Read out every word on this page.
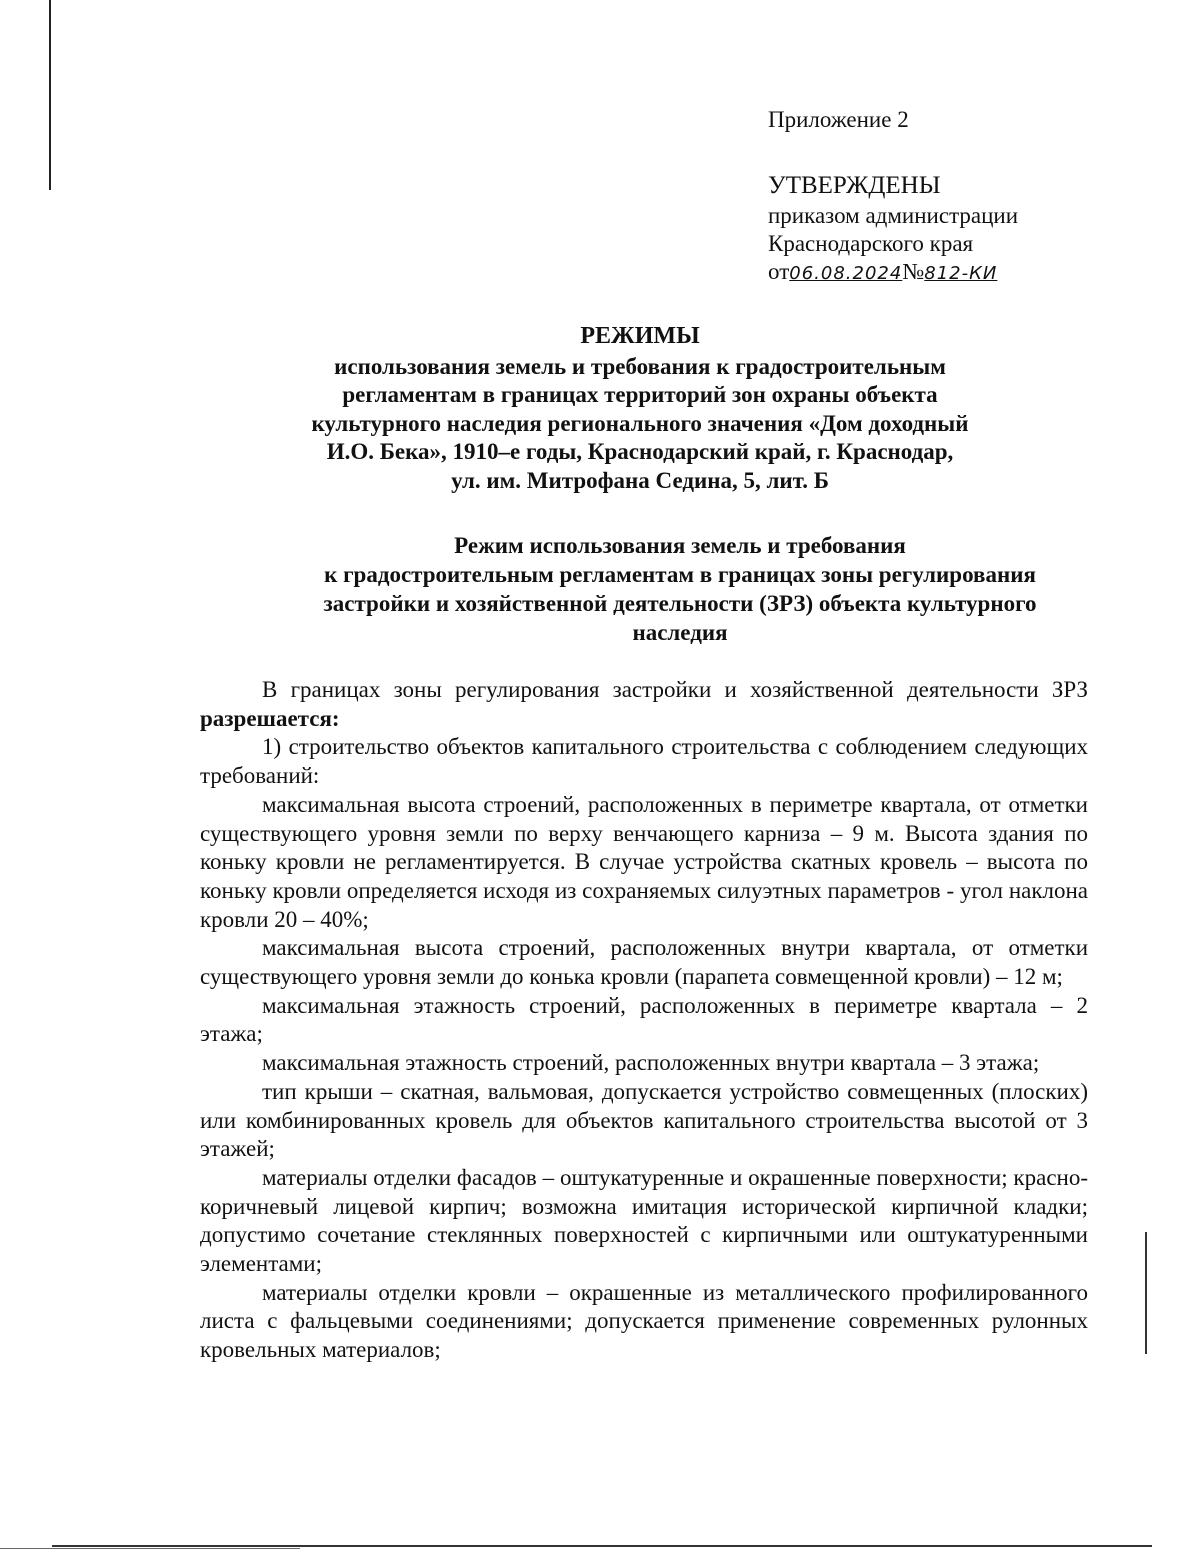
Приложение 2
УТВЕРЖДЕНЫ
приказом администрации
Краснодарского края
от06.08.2024№812-КИ
РЕЖИМЫ
использования земель и требования к градостроительным
регламентам в границах территорий зон охраны объекта
культурного наследия регионального значения «Дом доходный
И.О. Бека», 1910–е годы, Краснодарский край, г. Краснодар,
ул. им. Митрофана Седина, 5, лит. Б
Режим использования земель и требования
к градостроительным регламентам в границах зоны регулирования
застройки и хозяйственной деятельности (ЗРЗ) объекта культурного
наследия

В границах зоны регулирования застройки и хозяйственной деятельности ЗРЗ разрешается:

1) строительство объектов капитального строительства с соблюдением следующих требований:

максимальная высота строений, расположенных в периметре квартала, от отметки существующего уровня земли по верху венчающего карниза – 9 м. Высота здания по коньку кровли не регламентируется. В случае устройства скатных кровель – высота по коньку кровли определяется исходя из сохраняемых силуэтных параметров - угол наклона кровли 20 – 40%;

максимальная высота строений, расположенных внутри квартала, от отметки существующего уровня земли до конька кровли (парапета совмещенной кровли) – 12 м;

максимальная этажность строений, расположенных в периметре квартала – 2 этажа;

максимальная этажность строений, расположенных внутри квартала – 3 этажа;

тип крыши – скатная, вальмовая, допускается устройство совмещенных (плоских) или комбинированных кровель для объектов капитального строительства высотой от 3 этажей;

материалы отделки фасадов – оштукатуренные и окрашенные поверхности; красно-коричневый лицевой кирпич; возможна имитация исторической кирпичной кладки; допустимо сочетание стеклянных поверхностей с кирпичными или оштукатуренными элементами;

материалы отделки кровли – окрашенные из металлического профилированного листа с фальцевыми соединениями; допускается применение современных рулонных кровельных материалов;
